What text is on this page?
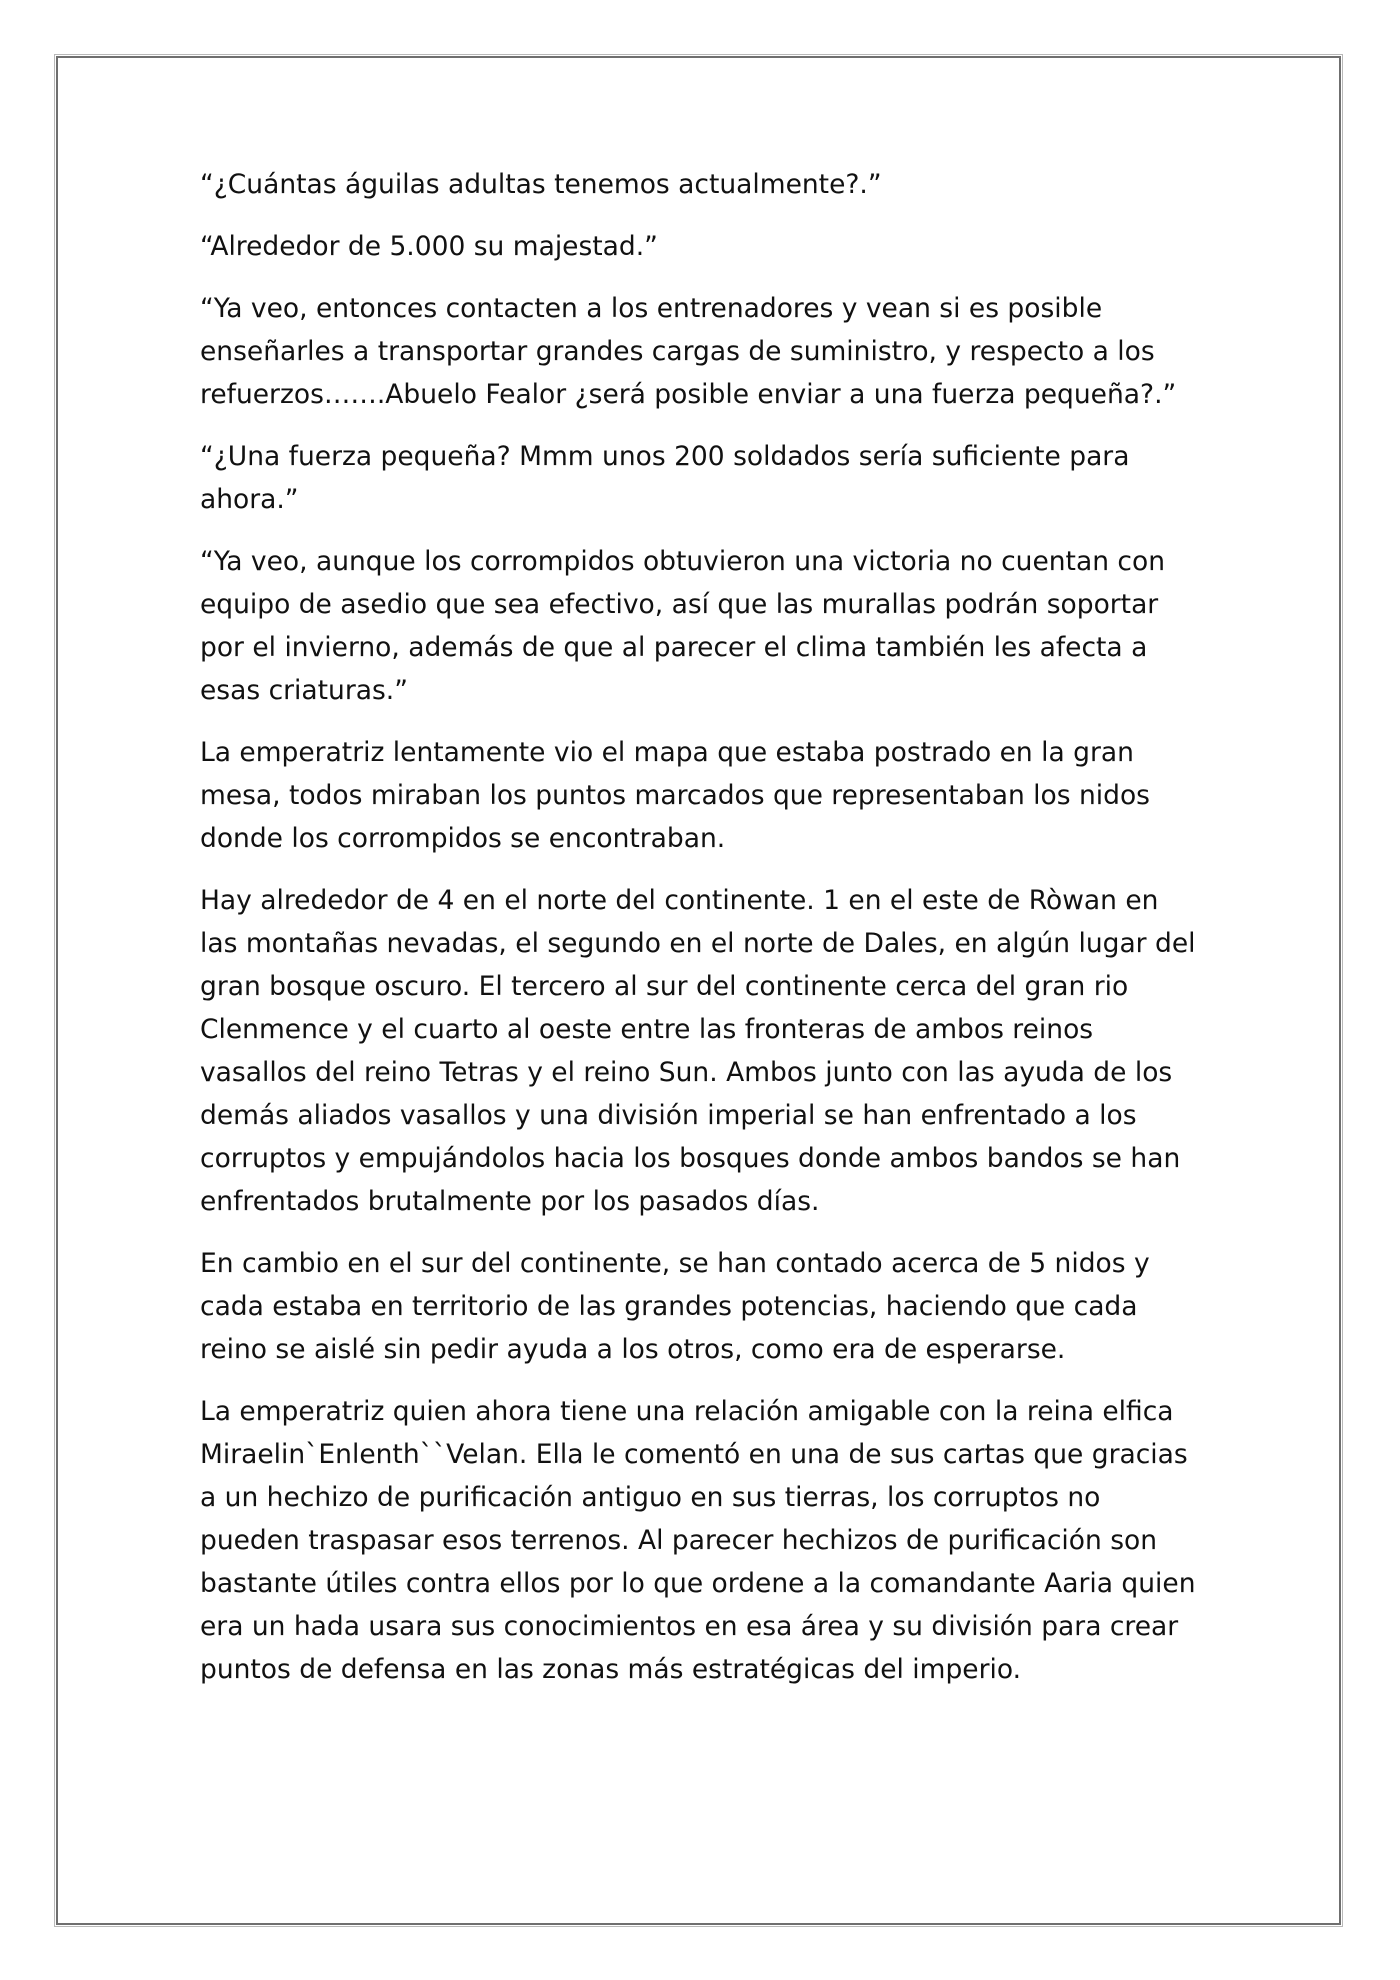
“¿Cuántas águilas adultas tenemos actualmente?.”

“Alrededor de 5.000 su majestad.”

“Ya veo, entonces contacten a los entrenadores y vean si es posible
enseñarles a transportar grandes cargas de suministro, y respecto a los
refuerzos…….Abuelo Fealor ¿será posible enviar a una fuerza pequeña?.”

“¿Una fuerza pequeña? Mmm unos 200 soldados sería suficiente para
ahora.”

“Ya veo, aunque los corrompidos obtuvieron una victoria no cuentan con
equipo de asedio que sea efectivo, así que las murallas podrán soportar
por el invierno, además de que al parecer el clima también les afecta a
esas criaturas.”

La emperatriz lentamente vio el mapa que estaba postrado en la gran
mesa, todos miraban los puntos marcados que representaban los nidos
donde los corrompidos se encontraban.

Hay alrededor de 4 en el norte del continente. 1 en el este de Ròwan en
las montañas nevadas, el segundo en el norte de Dales, en algún lugar del
gran bosque oscuro. El tercero al sur del continente cerca del gran rio
Clenmence y el cuarto al oeste entre las fronteras de ambos reinos
vasallos del reino Tetras y el reino Sun. Ambos junto con las ayuda de los
demás aliados vasallos y una división imperial se han enfrentado a los
corruptos y empujándolos hacia los bosques donde ambos bandos se han
enfrentados brutalmente por los pasados días.

En cambio en el sur del continente, se han contado acerca de 5 nidos y
cada estaba en territorio de las grandes potencias, haciendo que cada
reino se aislé sin pedir ayuda a los otros, como era de esperarse.

La emperatriz quien ahora tiene una relación amigable con la reina elfica
Miraelin`Enlenth``Velan. Ella le comentó en una de sus cartas que gracias
a un hechizo de purificación antiguo en sus tierras, los corruptos no
pueden traspasar esos terrenos. Al parecer hechizos de purificación son
bastante útiles contra ellos por lo que ordene a la comandante Aaria quien
era un hada usara sus conocimientos en esa área y su división para crear
puntos de defensa en las zonas más estratégicas del imperio.
